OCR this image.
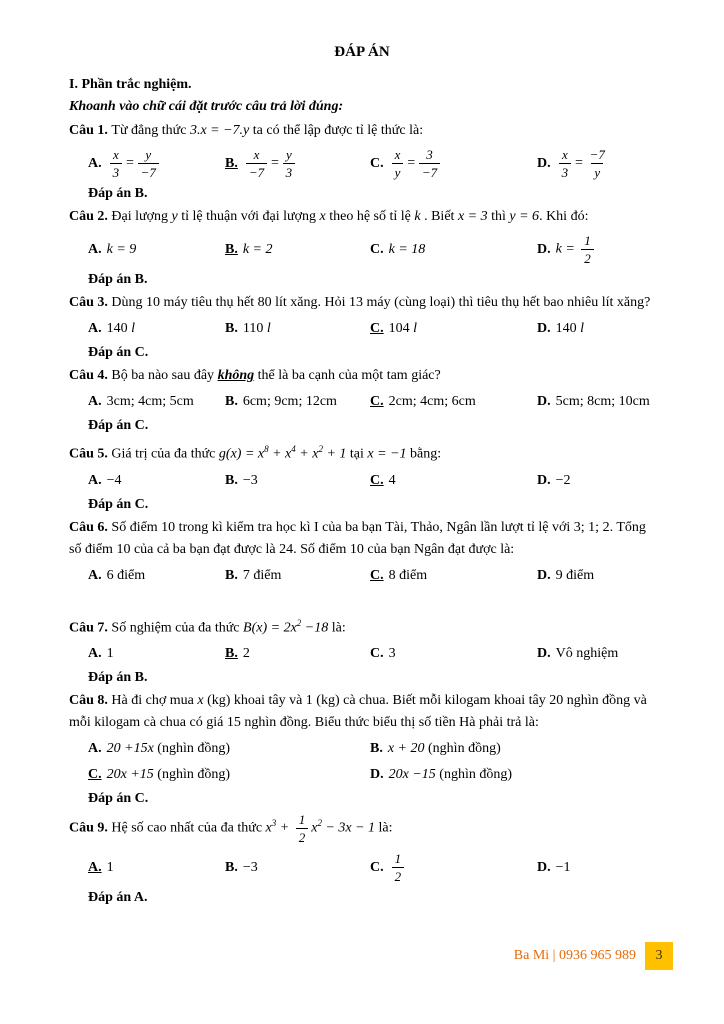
ĐÁP ÁN

I. Phần trắc nghiệm.

Khoanh vào chữ cái đặt trước câu trả lời đúng:

Câu 1. Từ đẳng thức 3.x = −7.y ta có thể lập được tỉ lệ thức là:

A. $\frac{x}{3} = \frac{y}{-7}$	B. $\frac{x}{-7} = \frac{y}{3}$	C. $\frac{x}{y} = \frac{3}{-7}$	D. $\frac{x}{3} = \frac{-7}{y}$

Đáp án B.

Câu 2. Đại lượng y tỉ lệ thuận với đại lượng x theo hệ số tỉ lệ k . Biết x = 3 thì y = 6. Khi đó:

A. k = 9	B. k = 2	C. k = 18	D. $k = \frac{1}{2}$

Đáp án B.

Câu 3. Dùng 10 máy tiêu thụ hết 80 lít xăng. Hỏi 13 máy (cùng loại) thì tiêu thụ hết bao nhiêu lít xăng?

A. 140 l	B. 110 l	C. 104 l	D. 140 l

Đáp án C.

Câu 4. Bộ ba nào sau đây không thể là ba cạnh của một tam giác?

A. 3cm; 4cm; 5cm	B. 6cm; 9cm; 12cm	C. 2cm; 4cm; 6cm	D. 5cm; 8cm; 10cm

Đáp án C.

Câu 5. Giá trị của đa thức $g(x) = x^8 + x^4 + x^2 + 1$ tại x = −1 bằng:

A. −4	B. −3	C. 4	D. −2

Đáp án C.

Câu 6. Số điểm 10 trong kì kiểm tra học kì I của ba bạn Tài, Thảo, Ngân lần lượt tỉ lệ với 3; 1; 2. Tổng số điểm 10 của cả ba bạn đạt được là 24. Số điểm 10 của bạn Ngân đạt được là:

A. 6 điểm	B. 7 điểm	C. 8 điểm	D. 9 điểm

Câu 7. Số nghiệm của đa thức $B(x) = 2x^2 -18$ là:

A. 1	B. 2	C. 3	D. Vô nghiệm

Đáp án B.

Câu 8. Hà đi chợ mua x (kg) khoai tây và 1 (kg) cà chua. Biết mỗi kilogam khoai tây 20 nghìn đồng và mỗi kilogam cà chua có giá 15 nghìn đồng. Biểu thức biểu thị số tiền Hà phải trả là:

A. 20 +15x (nghìn đồng)	B. x + 20 (nghìn đồng)
C. 20x +15 (nghìn đồng)	D. 20x −15 (nghìn đồng)

Đáp án C.

Câu 9. Hệ số cao nhất của đa thức $x^3 + \frac{1}{2} x^2 - 3x - 1$ là:

A. 1	B. −3	C. $\frac{1}{2}$	D. −1

Đáp án A.

Ba Mi | 0936 965 989	3
